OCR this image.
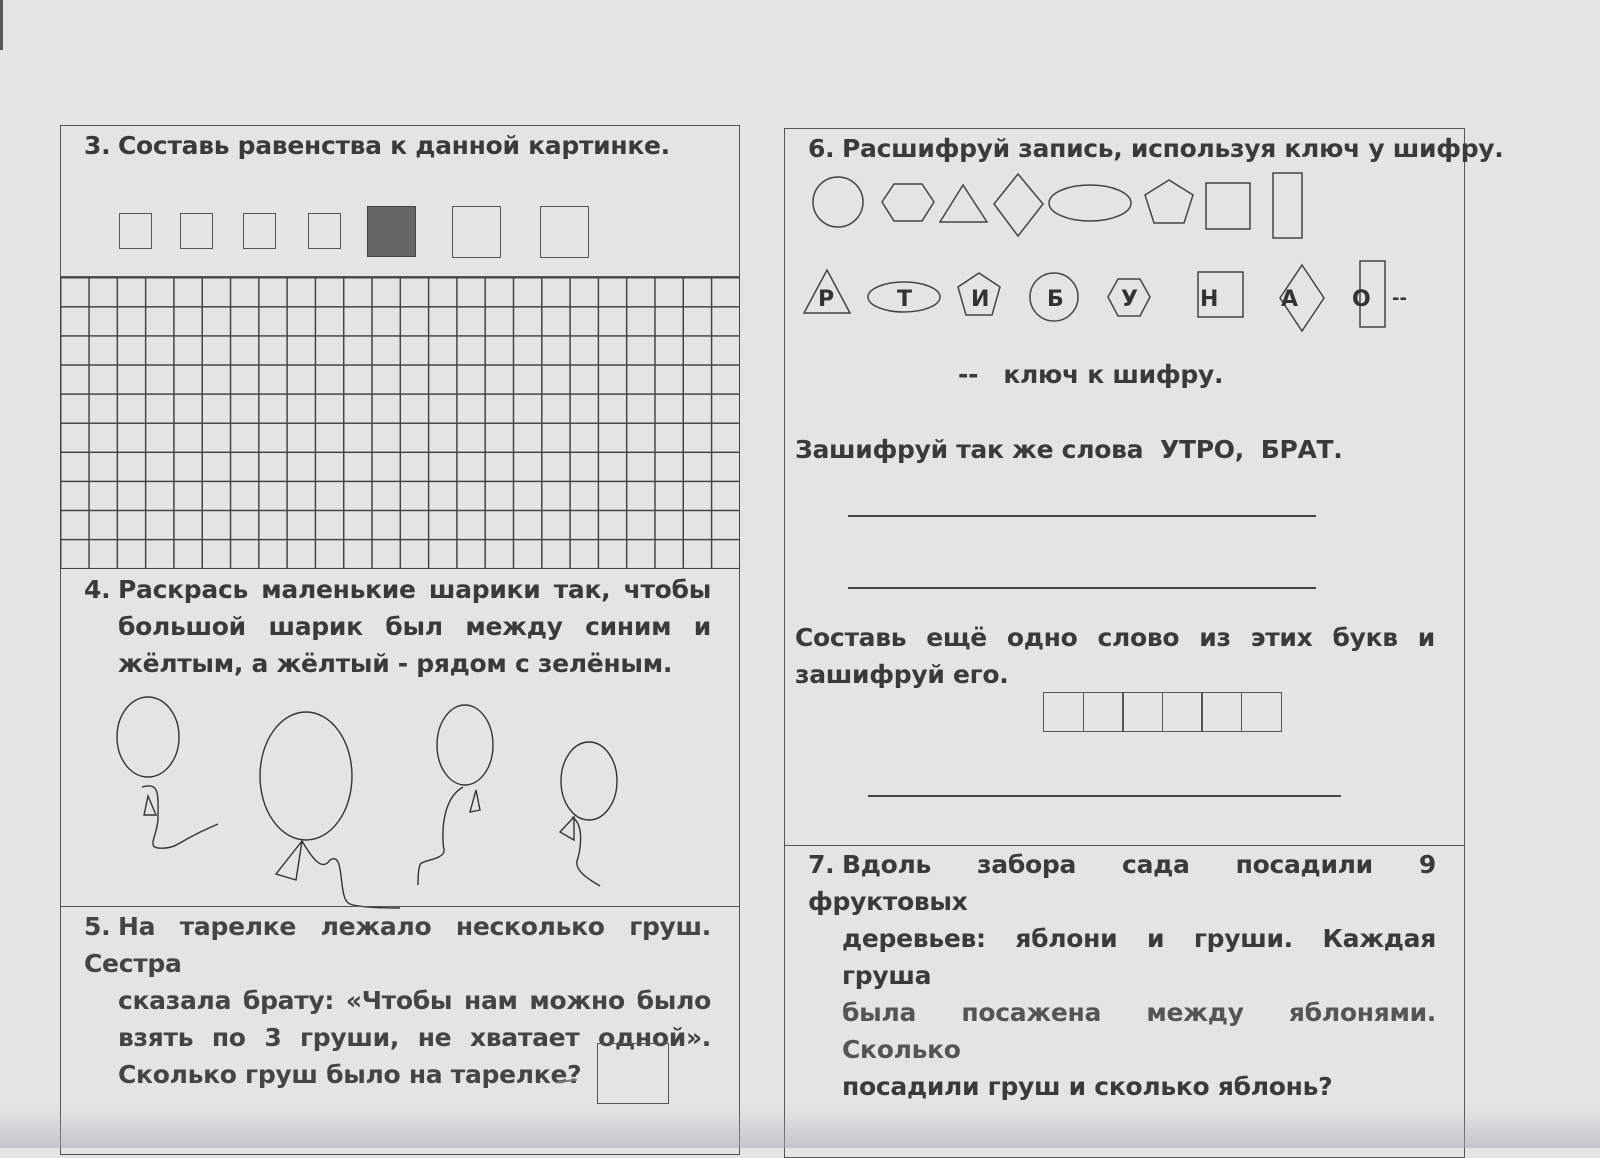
3. Составь равенства к данной картинке.
4. Раскрась маленькие шарики так, чтобы
большой шарик был между синим и
жёлтым, а жёлтый - рядом с зелёным.
5. На тарелке лежало несколько груш. Сестра
сказала брату: «Чтобы нам можно было
взять по 3 груши, не хватает одной».
Сколько груш было на тарелке?
6. Расшифруй запись, используя ключ у шифру.
Р	Т	И	Б	У	Н	А О --
--   ключ к шифру.
Зашифруй так же слова  УТРО,  БРАТ.
Составь ещё одно слово из этих букв и
зашифруй его.
7. Вдоль забора сада посадили 9 фруктовых
деревьев: яблони и груши. Каждая груша
была посажена между яблонями. Сколько
посадили груш и сколько яблонь?
